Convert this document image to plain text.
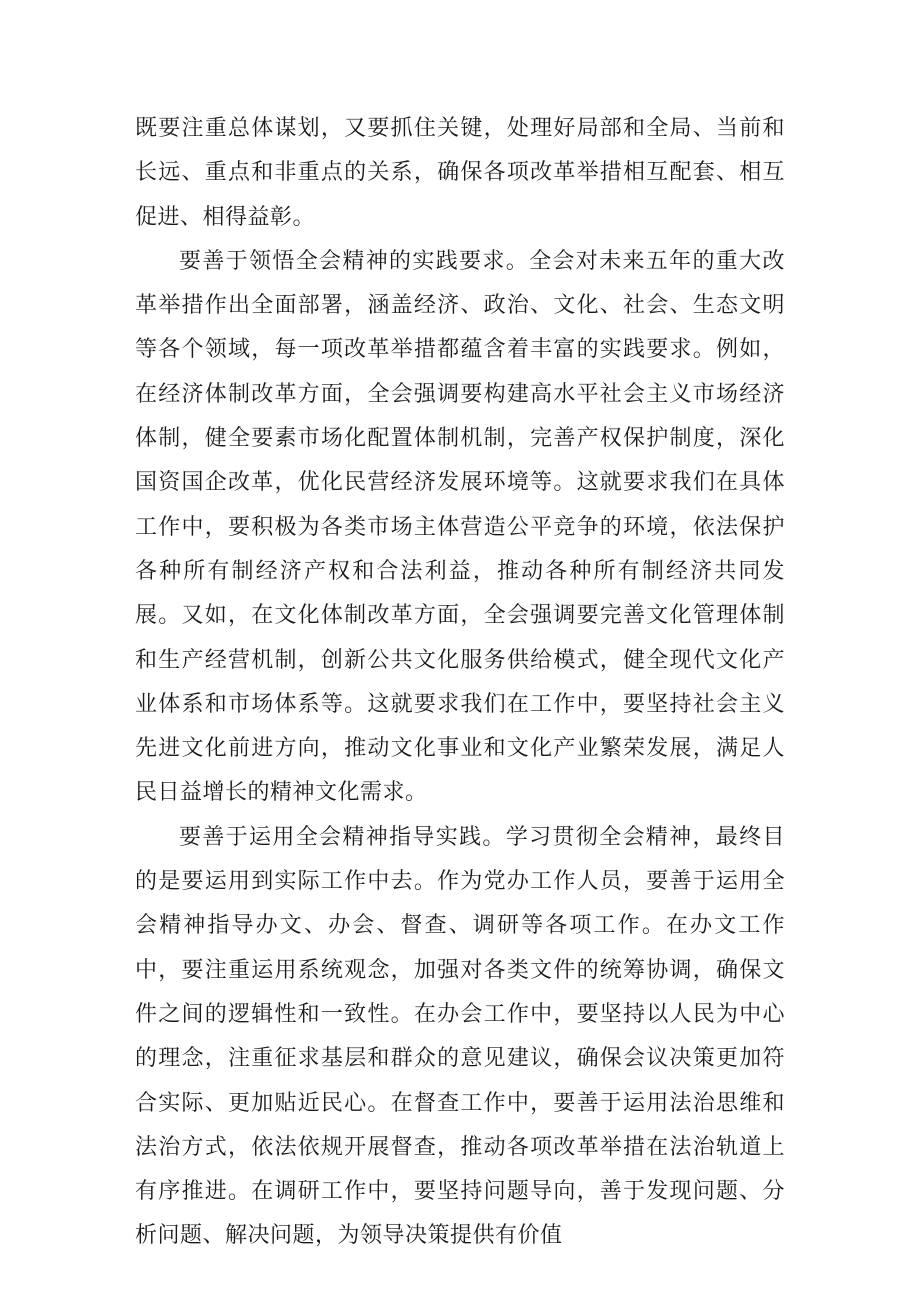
既要注重总体谋划，又要抓住关键，处理好局部和全局、当前和长远、重点和非重点的关系，确保各项改革举措相互配套、相互促进、相得益彰。

要善于领悟全会精神的实践要求。全会对未来五年的重大改革举措作出全面部署，涵盖经济、政治、文化、社会、生态文明等各个领域，每一项改革举措都蕴含着丰富的实践要求。例如，在经济体制改革方面，全会强调要构建高水平社会主义市场经济体制，健全要素市场化配置体制机制，完善产权保护制度，深化国资国企改革，优化民营经济发展环境等。这就要求我们在具体工作中，要积极为各类市场主体营造公平竞争的环境，依法保护各种所有制经济产权和合法利益，推动各种所有制经济共同发展。又如，在文化体制改革方面，全会强调要完善文化管理体制和生产经营机制，创新公共文化服务供给模式，健全现代文化产业体系和市场体系等。这就要求我们在工作中，要坚持社会主义先进文化前进方向，推动文化事业和文化产业繁荣发展，满足人民日益增长的精神文化需求。

要善于运用全会精神指导实践。学习贯彻全会精神，最终目的是要运用到实际工作中去。作为党办工作人员，要善于运用全会精神指导办文、办会、督查、调研等各项工作。在办文工作中，要注重运用系统观念，加强对各类文件的统筹协调，确保文件之间的逻辑性和一致性。在办会工作中，要坚持以人民为中心的理念，注重征求基层和群众的意见建议，确保会议决策更加符合实际、更加贴近民心。在督查工作中，要善于运用法治思维和法治方式，依法依规开展督查，推动各项改革举措在法治轨道上有序推进。在调研工作中，要坚持问题导向，善于发现问题、分析问题、解决问题，为领导决策提供有价值
